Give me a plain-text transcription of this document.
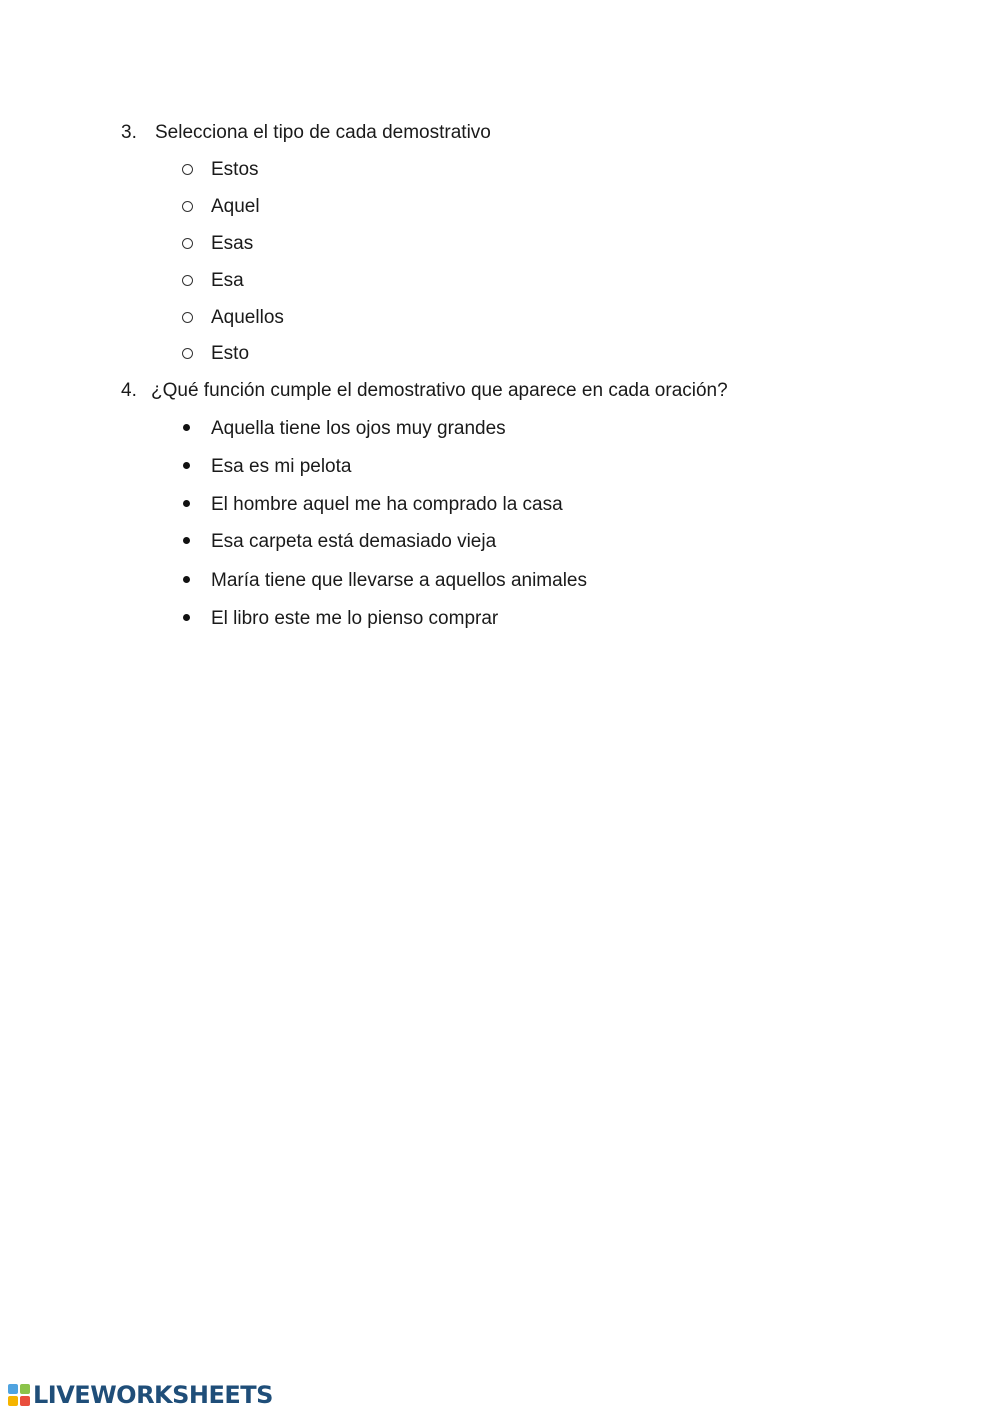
3. Selecciona el tipo de cada demostrativo
Estos
Aquel
Esas
Esa
Aquellos
Esto
4. ¿Qué función cumple el demostrativo que aparece en cada oración?
Aquella tiene los ojos muy grandes
Esa es mi pelota
El hombre aquel me ha comprado la casa
Esa carpeta está demasiado vieja
María tiene que llevarse a aquellos animales
El libro este me lo pienso comprar
LIVEWORKSHEETS
